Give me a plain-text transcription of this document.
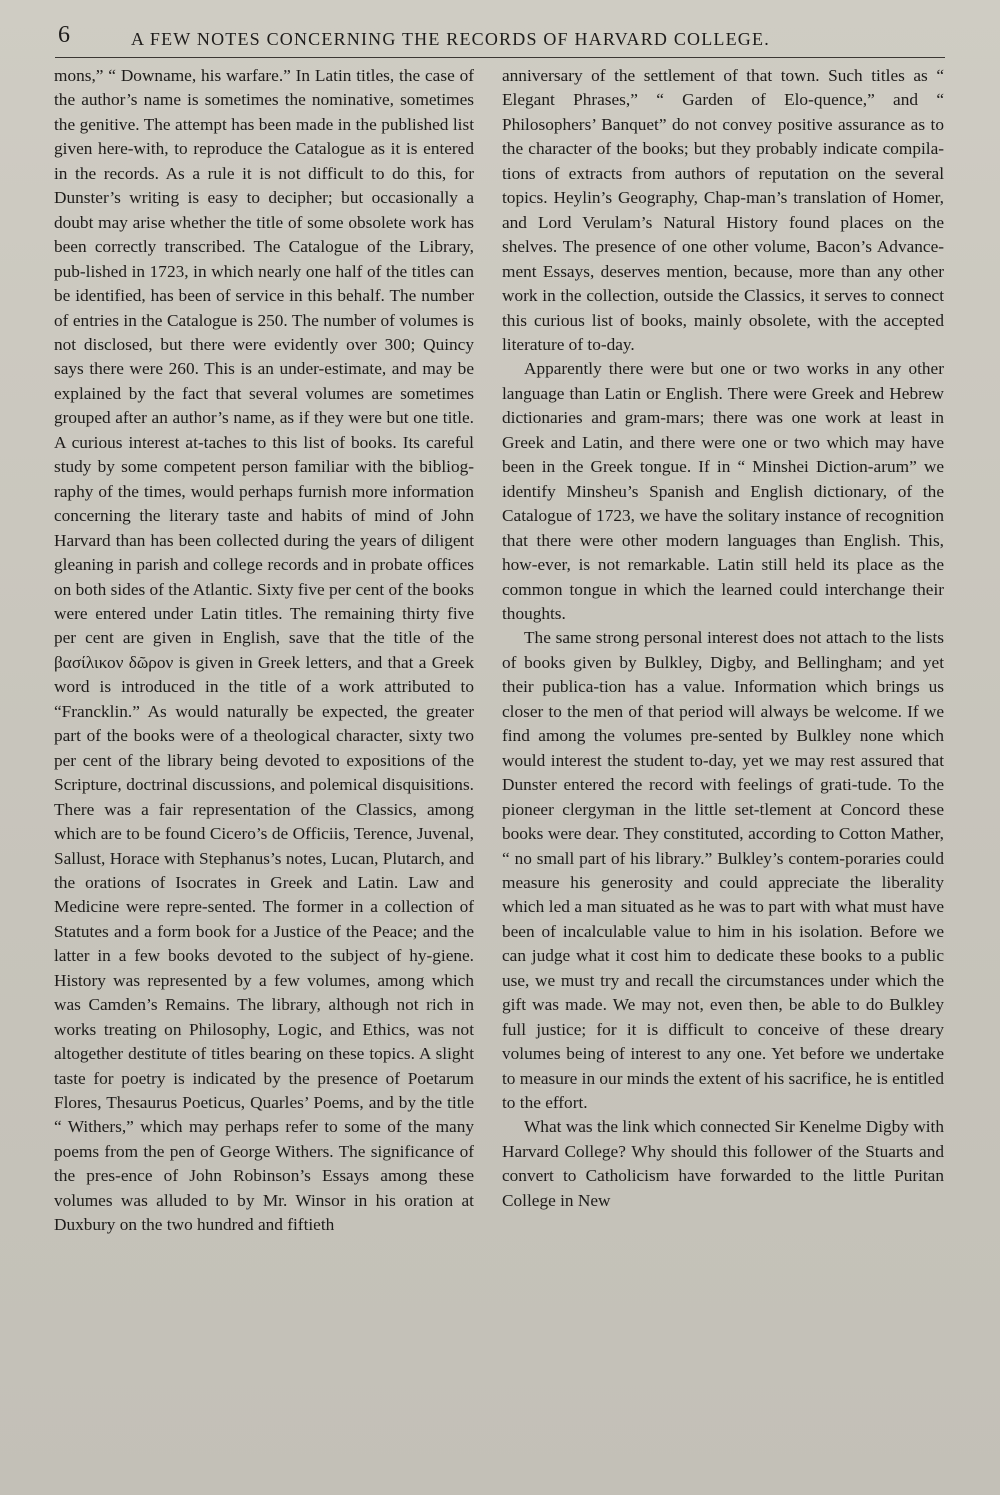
6	A FEW NOTES CONCERNING THE RECORDS OF HARVARD COLLEGE.

mons,” “ Downame, his warfare.” In Latin titles, the case of the author’s name is sometimes the nominative, sometimes the genitive. The attempt has been made in the published list given here-with, to reproduce the Catalogue as it is entered in the records. As a rule it is not difficult to do this, for Dunster’s writing is easy to decipher; but occasionally a doubt may arise whether the title of some obsolete work has been correctly transcribed. The Catalogue of the Library, pub-lished in 1723, in which nearly one half of the titles can be identified, has been of service in this behalf. The number of entries in the Catalogue is 250. The number of volumes is not disclosed, but there were evidently over 300; Quincy says there were 260. This is an under-estimate, and may be explained by the fact that several volumes are sometimes grouped after an author’s name, as if they were but one title. A curious interest at-taches to this list of books. Its careful study by some competent person familiar with the bibliog-raphy of the times, would perhaps furnish more information concerning the literary taste and habits of mind of John Harvard than has been collected during the years of diligent gleaning in parish and college records and in probate offices on both sides of the Atlantic. Sixty five per cent of the books were entered under Latin titles. The remaining thirty five per cent are given in English, save that the title of the βασίλικον δῶρον is given in Greek letters, and that a Greek word is introduced in the title of a work attributed to “Francklin.” As would naturally be expected, the greater part of the books were of a theological character, sixty two per cent of the library being devoted to expositions of the Scripture, doctrinal discussions, and polemical disquisitions. There was a fair representation of the Classics, among which are to be found Cicero’s de Officiis, Terence, Juvenal, Sallust, Horace with Stephanus’s notes, Lucan, Plutarch, and the orations of Isocrates in Greek and Latin. Law and Medicine were repre-sented. The former in a collection of Statutes and a form book for a Justice of the Peace; and the latter in a few books devoted to the subject of hy-giene. History was represented by a few volumes, among which was Camden’s Remains. The library, although not rich in works treating on Philosophy, Logic, and Ethics, was not altogether destitute of titles bearing on these topics. A slight taste for poetry is indicated by the presence of Poetarum Flores, Thesaurus Poeticus, Quarles’ Poems, and by the title “ Withers,” which may perhaps refer to some of the many poems from the pen of George Withers. The significance of the pres-ence of John Robinson’s Essays among these volumes was alluded to by Mr. Winsor in his oration at Duxbury on the two hundred and fiftieth

anniversary of the settlement of that town. Such titles as “ Elegant Phrases,” “ Garden of Elo-quence,” and “ Philosophers’ Banquet” do not convey positive assurance as to the character of the books; but they probably indicate compila-tions of extracts from authors of reputation on the several topics. Heylin’s Geography, Chap-man’s translation of Homer, and Lord Verulam’s Natural History found places on the shelves. The presence of one other volume, Bacon’s Advance-ment Essays, deserves mention, because, more than any other work in the collection, outside the Classics, it serves to connect this curious list of books, mainly obsolete, with the accepted literature of to-day.

Apparently there were but one or two works in any other language than Latin or English. There were Greek and Hebrew dictionaries and gram-mars; there was one work at least in Greek and Latin, and there were one or two which may have been in the Greek tongue. If in “ Minshei Diction-arum” we identify Minsheu’s Spanish and English dictionary, of the Catalogue of 1723, we have the solitary instance of recognition that there were other modern languages than English. This, how-ever, is not remarkable. Latin still held its place as the common tongue in which the learned could interchange their thoughts.

The same strong personal interest does not attach to the lists of books given by Bulkley, Digby, and Bellingham; and yet their publica-tion has a value. Information which brings us closer to the men of that period will always be welcome. If we find among the volumes pre-sented by Bulkley none which would interest the student to-day, yet we may rest assured that Dunster entered the record with feelings of grati-tude. To the pioneer clergyman in the little set-tlement at Concord these books were dear. They constituted, according to Cotton Mather, “ no small part of his library.” Bulkley’s contem-poraries could measure his generosity and could appreciate the liberality which led a man situated as he was to part with what must have been of incalculable value to him in his isolation. Before we can judge what it cost him to dedicate these books to a public use, we must try and recall the circumstances under which the gift was made. We may not, even then, be able to do Bulkley full justice; for it is difficult to conceive of these dreary volumes being of interest to any one. Yet before we undertake to measure in our minds the extent of his sacrifice, he is entitled to the effort.

What was the link which connected Sir Kenelme Digby with Harvard College? Why should this follower of the Stuarts and convert to Catholicism have forwarded to the little Puritan College in New
